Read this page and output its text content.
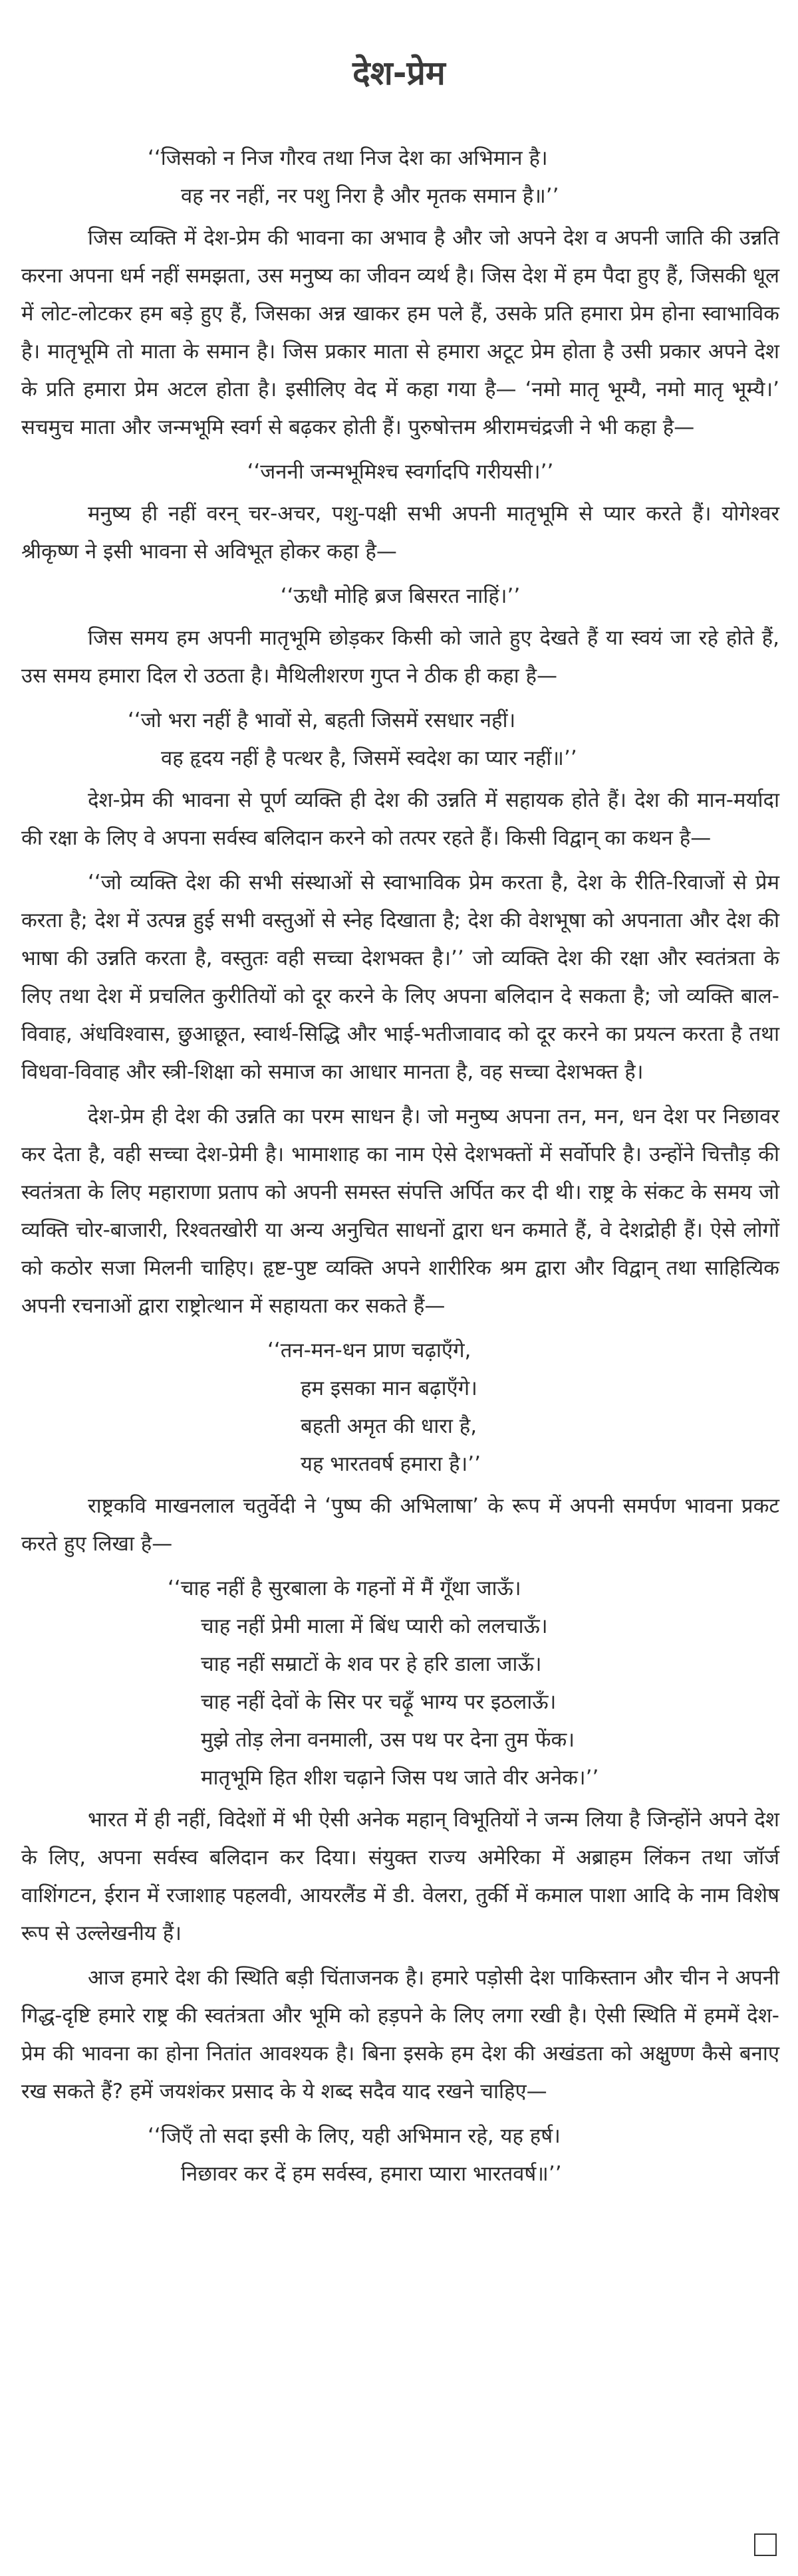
देश-प्रेम
‘‘जिसको न निज गौरव तथा निज देश का अभिमान है।
वह नर नहीं, नर पशु निरा है और मृतक समान है॥’’

जिस व्यक्ति में देश-प्रेम की भावना का अभाव है और जो अपने देश व अपनी जाति की उन्नति करना अपना धर्म नहीं समझता, उस मनुष्य का जीवन व्यर्थ है। जिस देश में हम पैदा हुए हैं, जिसकी धूल में लोट-लोटकर हम बड़े हुए हैं, जिसका अन्न खाकर हम पले हैं, उसके प्रति हमारा प्रेम होना स्वाभाविक है। मातृभूमि तो माता के समान है। जिस प्रकार माता से हमारा अटूट प्रेम होता है उसी प्रकार अपने देश के प्रति हमारा प्रेम अटल होता है। इसीलिए वेद में कहा गया है— ‘नमो मातृ भूम्यै, नमो मातृ भूम्यै।’ सचमुच माता और जन्मभूमि स्वर्ग से बढ़कर होती हैं। पुरुषोत्तम श्रीरामचंद्रजी ने भी कहा है—

‘‘जननी जन्मभूमिश्च स्वर्गादपि गरीयसी।’’

मनुष्य ही नहीं वरन् चर-अचर, पशु-पक्षी सभी अपनी मातृभूमि से प्यार करते हैं। योगेश्वर श्रीकृष्ण ने इसी भावना से अविभूत होकर कहा है—

‘‘ऊधौ मोहि ब्रज बिसरत नाहिं।’’

जिस समय हम अपनी मातृभूमि छोड़कर किसी को जाते हुए देखते हैं या स्वयं जा रहे होते हैं, उस समय हमारा दिल रो उठता है। मैथिलीशरण गुप्त ने ठीक ही कहा है—

‘‘जो भरा नहीं है भावों से, बहती जिसमें रसधार नहीं।
वह हृदय नहीं है पत्थर है, जिसमें स्वदेश का प्यार नहीं॥’’

देश-प्रेम की भावना से पूर्ण व्यक्ति ही देश की उन्नति में सहायक होते हैं। देश की मान-मर्यादा की रक्षा के लिए वे अपना सर्वस्व बलिदान करने को तत्पर रहते हैं। किसी विद्वान् का कथन है—

‘‘जो व्यक्ति देश की सभी संस्थाओं से स्वाभाविक प्रेम करता है, देश के रीति-रिवाजों से प्रेम करता है; देश में उत्पन्न हुई सभी वस्तुओं से स्नेह दिखाता है; देश की वेशभूषा को अपनाता और देश की भाषा की उन्नति करता है, वस्तुतः वही सच्चा देशभक्त है।’’ जो व्यक्ति देश की रक्षा और स्वतंत्रता के लिए तथा देश में प्रचलित कुरीतियों को दूर करने के लिए अपना बलिदान दे सकता है; जो व्यक्ति बाल-विवाह, अंधविश्वास, छुआछूत, स्वार्थ-सिद्धि और भाई-भतीजावाद को दूर करने का प्रयत्न करता है तथा विधवा-विवाह और स्त्री-शिक्षा को समाज का आधार मानता है, वह सच्चा देशभक्त है।

देश-प्रेम ही देश की उन्नति का परम साधन है। जो मनुष्य अपना तन, मन, धन देश पर निछावर कर देता है, वही सच्चा देश-प्रेमी है। भामाशाह का नाम ऐसे देशभक्तों में सर्वोपरि है। उन्होंने चित्तौड़ की स्वतंत्रता के लिए महाराणा प्रताप को अपनी समस्त संपत्ति अर्पित कर दी थी। राष्ट्र के संकट के समय जो व्यक्ति चोर-बाजारी, रिश्वतखोरी या अन्य अनुचित साधनों द्वारा धन कमाते हैं, वे देशद्रोही हैं। ऐसे लोगों को कठोर सजा मिलनी चाहिए। हृष्ट-पुष्ट व्यक्ति अपने शारीरिक श्रम द्वारा और विद्वान् तथा साहित्यिक अपनी रचनाओं द्वारा राष्ट्रोत्थान में सहायता कर सकते हैं—

‘‘तन-मन-धन प्राण चढ़ाएँगे,
हम इसका मान बढ़ाएँगे।
बहती अमृत की धारा है,
यह भारतवर्ष हमारा है।’’

राष्ट्रकवि माखनलाल चतुर्वेदी ने ‘पुष्प की अभिलाषा’ के रूप में अपनी समर्पण भावना प्रकट करते हुए लिखा है—

‘‘चाह नहीं है सुरबाला के गहनों में मैं गूँथा जाऊँ।
चाह नहीं प्रेमी माला में बिंध प्यारी को ललचाऊँ।
चाह नहीं सम्राटों के शव पर हे हरि डाला जाऊँ।
चाह नहीं देवों के सिर पर चढ़ूँ भाग्य पर इठलाऊँ।
मुझे तोड़ लेना वनमाली, उस पथ पर देना तुम फेंक।
मातृभूमि हित शीश चढ़ाने जिस पथ जाते वीर अनेक।’’

भारत में ही नहीं, विदेशों में भी ऐसी अनेक महान् विभूतियों ने जन्म लिया है जिन्होंने अपने देश के लिए, अपना सर्वस्व बलिदान कर दिया। संयुक्त राज्य अमेरिका में अब्राहम लिंकन तथा जॉर्ज वाशिंगटन, ईरान में रजाशाह पहलवी, आयरलैंड में डी. वेलरा, तुर्की में कमाल पाशा आदि के नाम विशेष रूप से उल्लेखनीय हैं।

आज हमारे देश की स्थिति बड़ी चिंताजनक है। हमारे पड़ोसी देश पाकिस्तान और चीन ने अपनी गिद्ध-दृष्टि हमारे राष्ट्र की स्वतंत्रता और भूमि को हड़पने के लिए लगा रखी है। ऐसी स्थिति में हममें देश-प्रेम की भावना का होना नितांत आवश्यक है। बिना इसके हम देश की अखंडता को अक्षुण्ण कैसे बनाए रख सकते हैं? हमें जयशंकर प्रसाद के ये शब्द सदैव याद रखने चाहिए—

‘‘जिएँ तो सदा इसी के लिए, यही अभिमान रहे, यह हर्ष।
निछावर कर दें हम सर्वस्व, हमारा प्यारा भारतवर्ष॥’’
